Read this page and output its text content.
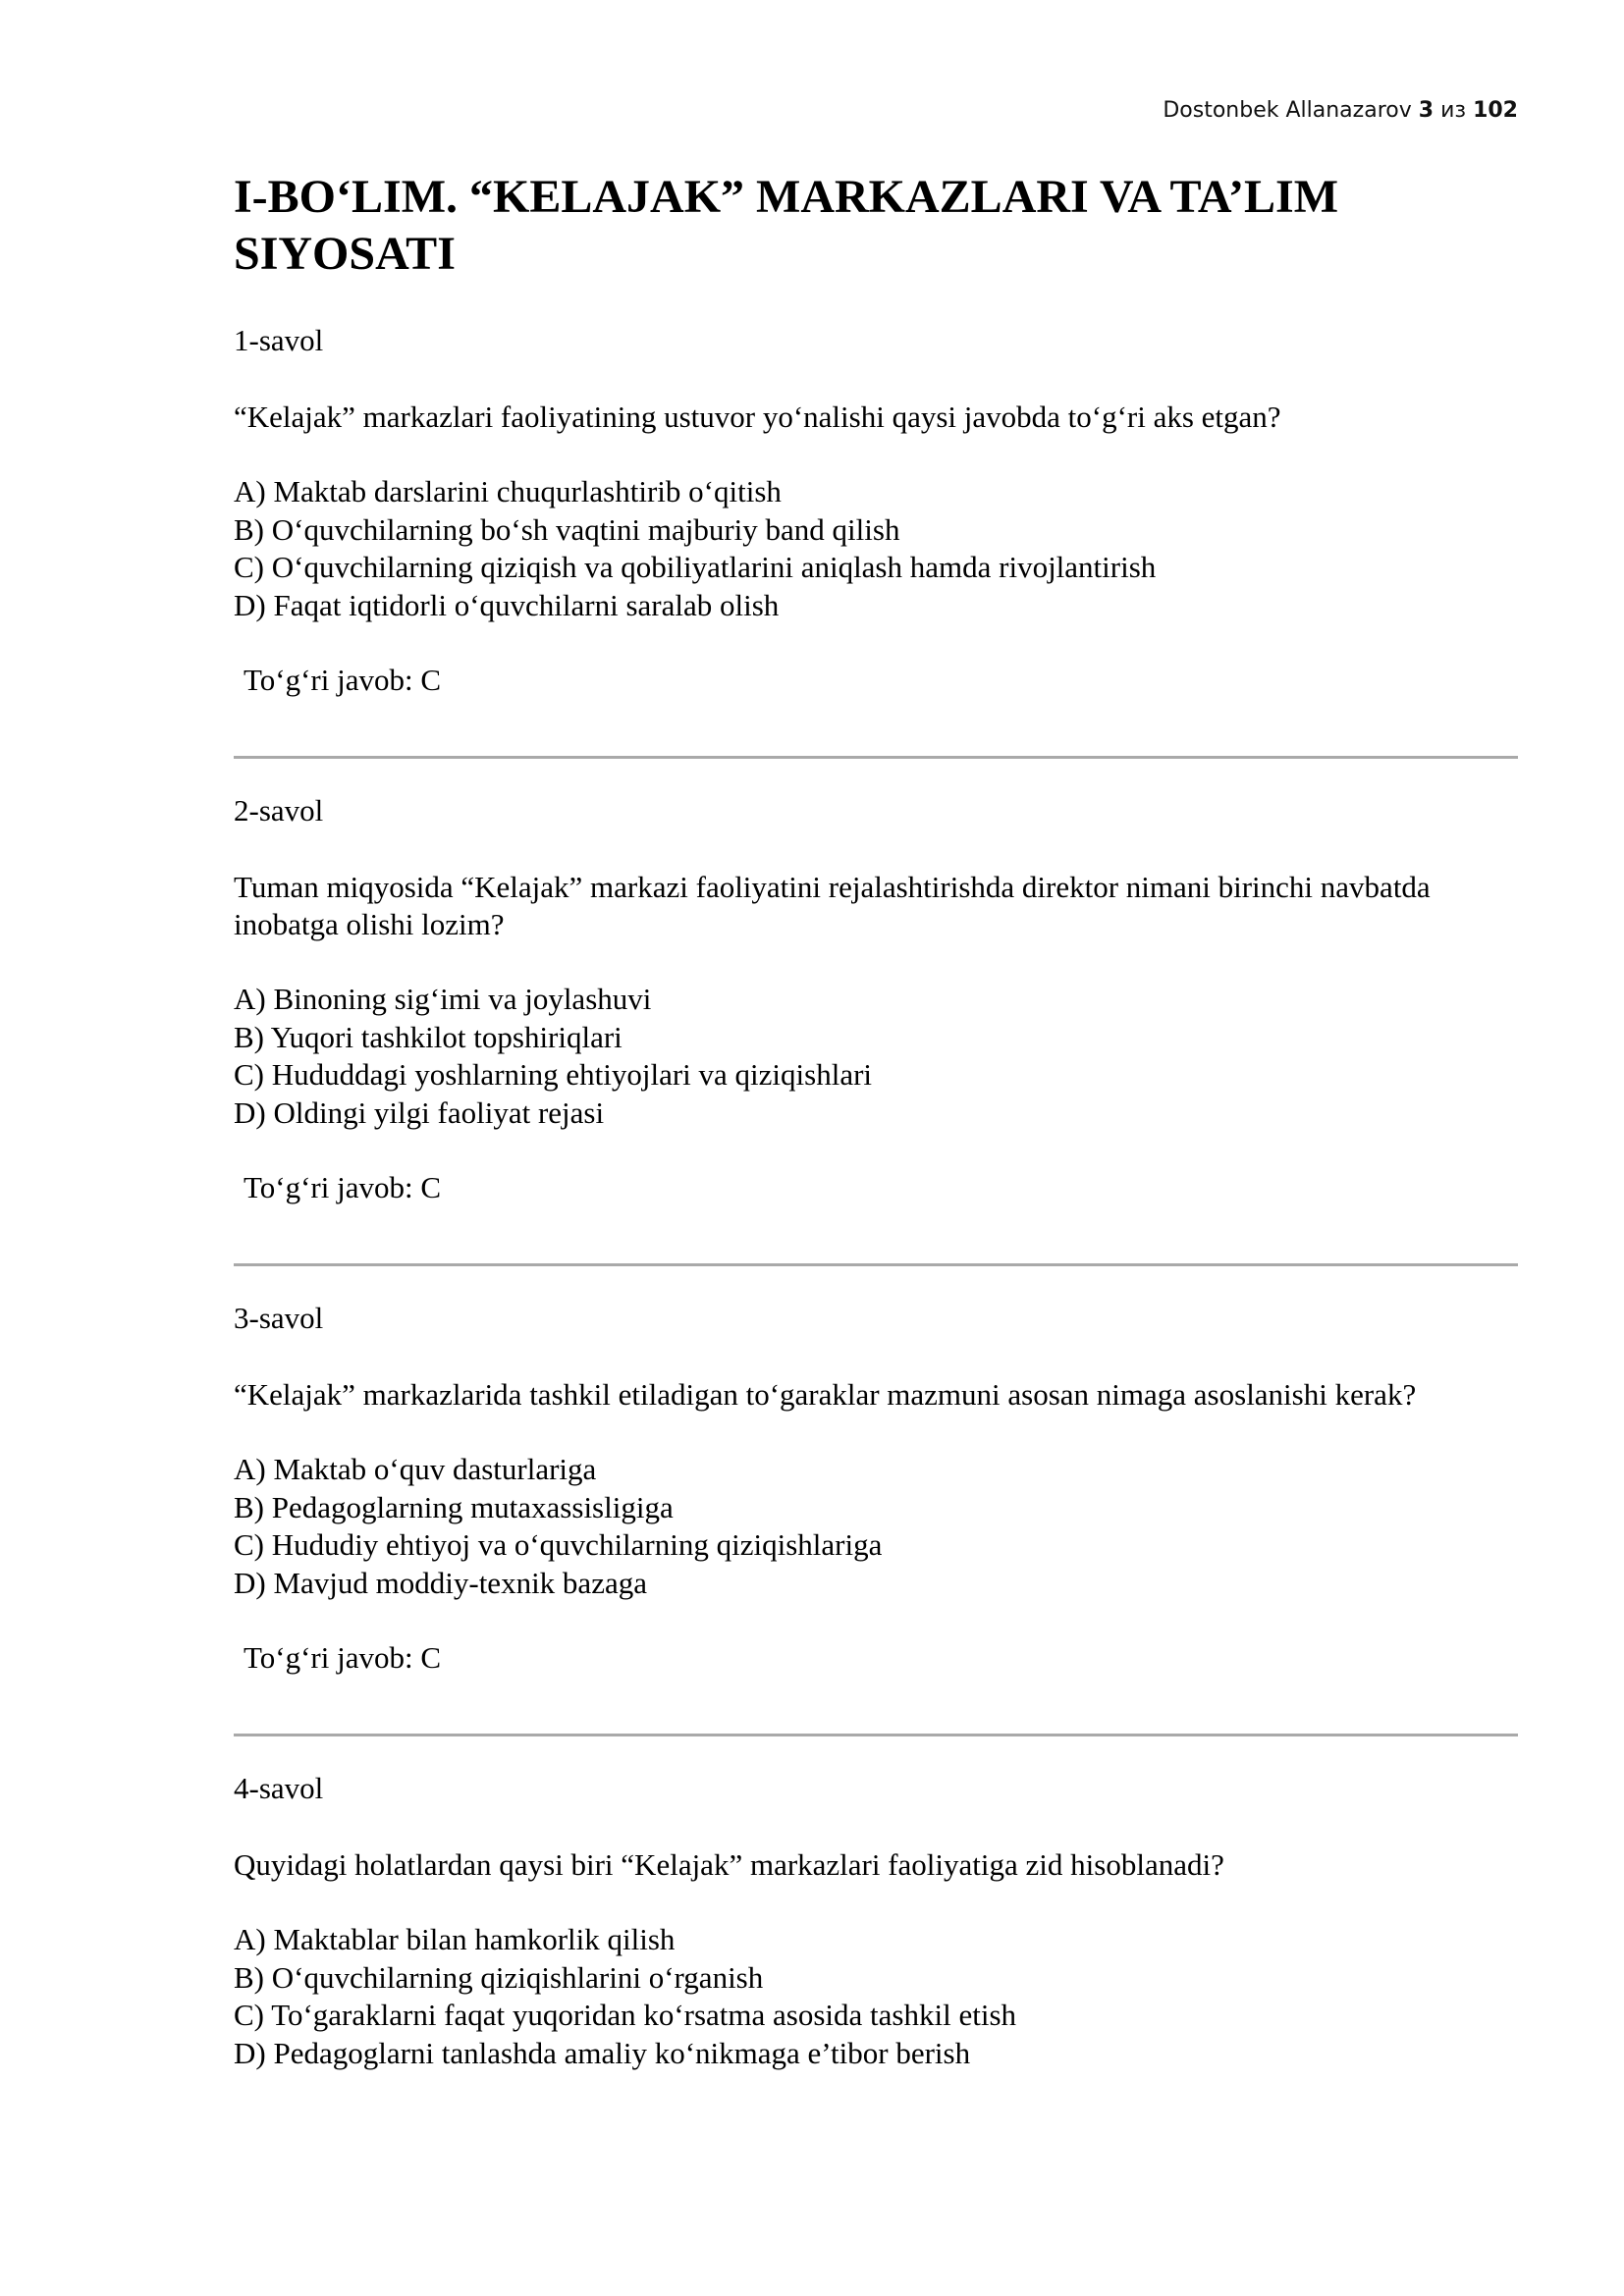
Dostonbek Allanazarov 3 из 102
I-BO‘LIM. “KELAJAK” MARKAZLARI VA TA’LIM SIYOSATI

1-savol

“Kelajak” markazlari faoliyatining ustuvor yo‘nalishi qaysi javobda to‘g‘ri aks etgan?

A) Maktab darslarini chuqurlashtirib o‘qitish
B) O‘quvchilarning bo‘sh vaqtini majburiy band qilish
C) O‘quvchilarning qiziqish va qobiliyatlarini aniqlash hamda rivojlantirish
D) Faqat iqtidorli o‘quvchilarni saralab olish

To‘g‘ri javob: C

2-savol

Tuman miqyosida “Kelajak” markazi faoliyatini rejalashtirishda direktor nimani birinchi navbatda inobatga olishi lozim?

A) Binoning sig‘imi va joylashuvi
B) Yuqori tashkilot topshiriqlari
C) Hududdagi yoshlarning ehtiyojlari va qiziqishlari
D) Oldingi yilgi faoliyat rejasi

To‘g‘ri javob: C

3-savol

“Kelajak” markazlarida tashkil etiladigan to‘garaklar mazmuni asosan nimaga asoslanishi kerak?

A) Maktab o‘quv dasturlariga
B) Pedagoglarning mutaxassisligiga
C) Hududiy ehtiyoj va o‘quvchilarning qiziqishlariga
D) Mavjud moddiy-texnik bazaga

To‘g‘ri javob: C

4-savol

Quyidagi holatlardan qaysi biri “Kelajak” markazlari faoliyatiga zid hisoblanadi?

A) Maktablar bilan hamkorlik qilish
B) O‘quvchilarning qiziqishlarini o‘rganish
C) To‘garaklarni faqat yuqoridan ko‘rsatma asosida tashkil etish
D) Pedagoglarni tanlashda amaliy ko‘nikmaga e’tibor berish
